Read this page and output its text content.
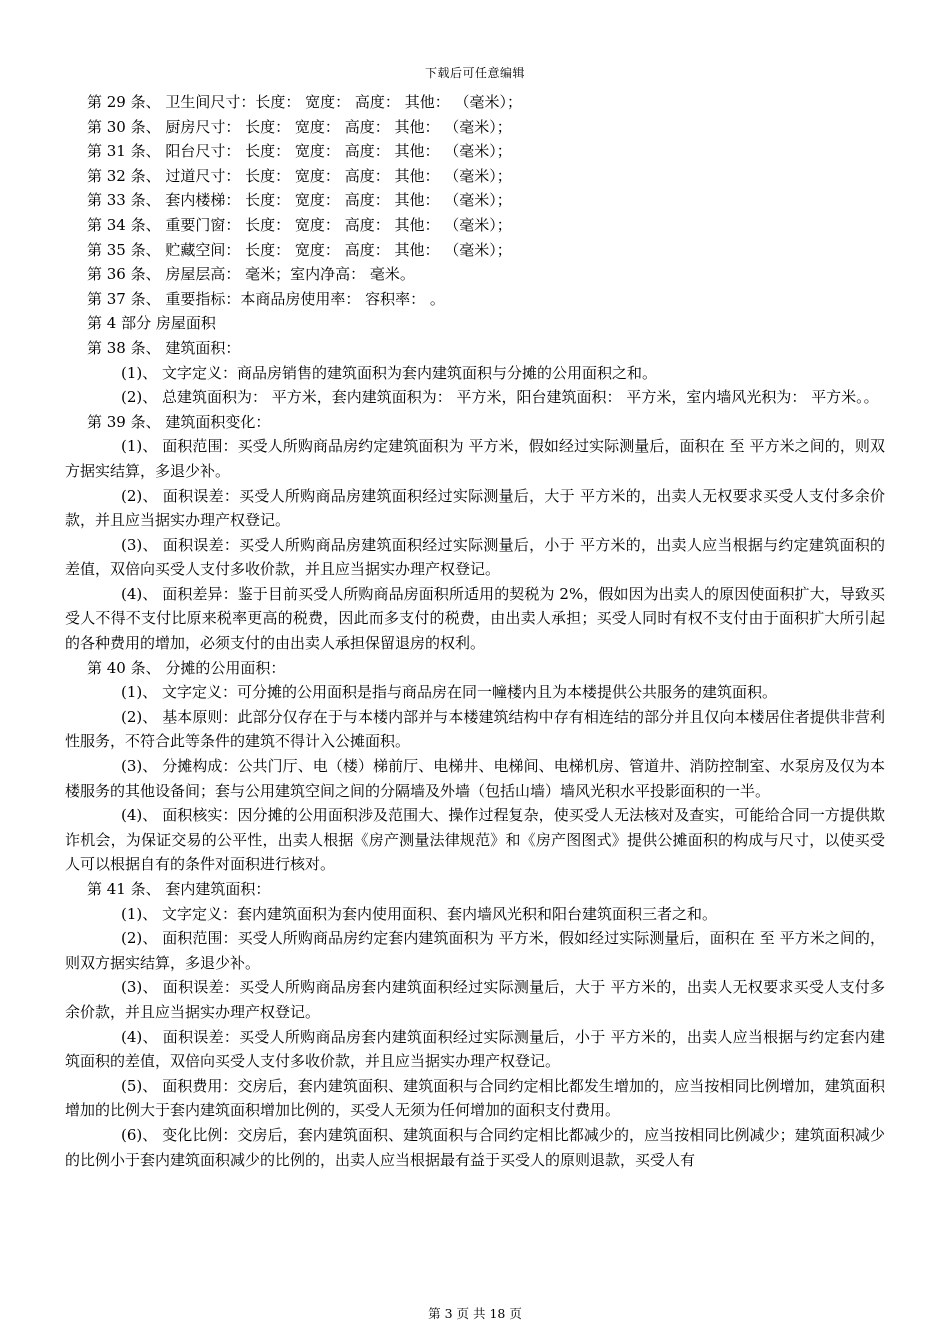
下载后可任意编辑
第 29 条、 卫生间尺寸：长度： 宽度： 高度： 其他： （毫米）；
第 30 条、 厨房尺寸： 长度： 宽度： 高度： 其他： （毫米）；
第 31 条、 阳台尺寸： 长度： 宽度： 高度： 其他： （毫米）；
第 32 条、 过道尺寸： 长度： 宽度： 高度： 其他： （毫米）；
第 33 条、 套内楼梯： 长度： 宽度： 高度： 其他： （毫米）；
第 34 条、 重要门窗： 长度： 宽度： 高度： 其他： （毫米）；
第 35 条、 贮藏空间： 长度： 宽度： 高度： 其他： （毫米）；
第 36 条、 房屋层高： 毫米；室内净高： 毫米。
第 37 条、 重要指标：本商品房使用率： 容积率： 。
第 4 部分 房屋面积
第 38 条、 建筑面积：
(1)、 文字定义：商品房销售的建筑面积为套内建筑面积与分摊的公用面积之和。
(2)、 总建筑面积为： 平方米，套内建筑面积为： 平方米，阳台建筑面积： 平方米，室内墙风光积为： 平方米。。
第 39 条、 建筑面积变化：
(1)、 面积范围：买受人所购商品房约定建筑面积为 平方米，假如经过实际测量后，面积在 至 平方米之间的，则双方据实结算，多退少补。
(2)、 面积误差：买受人所购商品房建筑面积经过实际测量后，大于 平方米的，出卖人无权要求买受人支付多余价款，并且应当据实办理产权登记。
(3)、 面积误差：买受人所购商品房建筑面积经过实际测量后，小于 平方米的，出卖人应当根据与约定建筑面积的差值，双倍向买受人支付多收价款，并且应当据实办理产权登记。
(4)、 面积差异：鉴于目前买受人所购商品房面积所适用的契税为 2%，假如因为出卖人的原因使面积扩大，导致买受人不得不支付比原来税率更高的税费，因此而多支付的税费，由出卖人承担；买受人同时有权不支付由于面积扩大所引起的各种费用的增加，必须支付的由出卖人承担保留退房的权利。
第 40 条、 分摊的公用面积：
(1)、 文字定义：可分摊的公用面积是指与商品房在同一幢楼内且为本楼提供公共服务的建筑面积。
(2)、 基本原则：此部分仅存在于与本楼内部并与本楼建筑结构中存有相连结的部分并且仅向本楼居住者提供非营利性服务，不符合此等条件的建筑不得计入公摊面积。
(3)、 分摊构成：公共门厅、电（楼）梯前厅、电梯井、电梯间、电梯机房、管道井、消防控制室、水泵房及仅为本楼服务的其他设备间；套与公用建筑空间之间的分隔墙及外墙（包括山墙）墙风光积水平投影面积的一半。
(4)、 面积核实：因分摊的公用面积涉及范围大、操作过程复杂，使买受人无法核对及查实，可能给合同一方提供欺诈机会，为保证交易的公平性，出卖人根据《房产测量法律规范》和《房产图图式》提供公摊面积的构成与尺寸，以使买受人可以根据自有的条件对面积进行核对。
第 41 条、 套内建筑面积：
(1)、 文字定义：套内建筑面积为套内使用面积、套内墙风光积和阳台建筑面积三者之和。
(2)、 面积范围：买受人所购商品房约定套内建筑面积为 平方米，假如经过实际测量后，面积在 至 平方米之间的，则双方据实结算，多退少补。
(3)、 面积误差：买受人所购商品房套内建筑面积经过实际测量后，大于 平方米的，出卖人无权要求买受人支付多余价款，并且应当据实办理产权登记。
(4)、 面积误差：买受人所购商品房套内建筑面积经过实际测量后，小于 平方米的，出卖人应当根据与约定套内建筑面积的差值，双倍向买受人支付多收价款，并且应当据实办理产权登记。
(5)、 面积费用：交房后，套内建筑面积、建筑面积与合同约定相比都发生增加的，应当按相同比例增加，建筑面积增加的比例大于套内建筑面积增加比例的，买受人无须为任何增加的面积支付费用。
(6)、 变化比例：交房后，套内建筑面积、建筑面积与合同约定相比都减少的，应当按相同比例减少；建筑面积减少的比例小于套内建筑面积减少的比例的，出卖人应当根据最有益于买受人的原则退款，买受人有
第 3 页 共 18 页
